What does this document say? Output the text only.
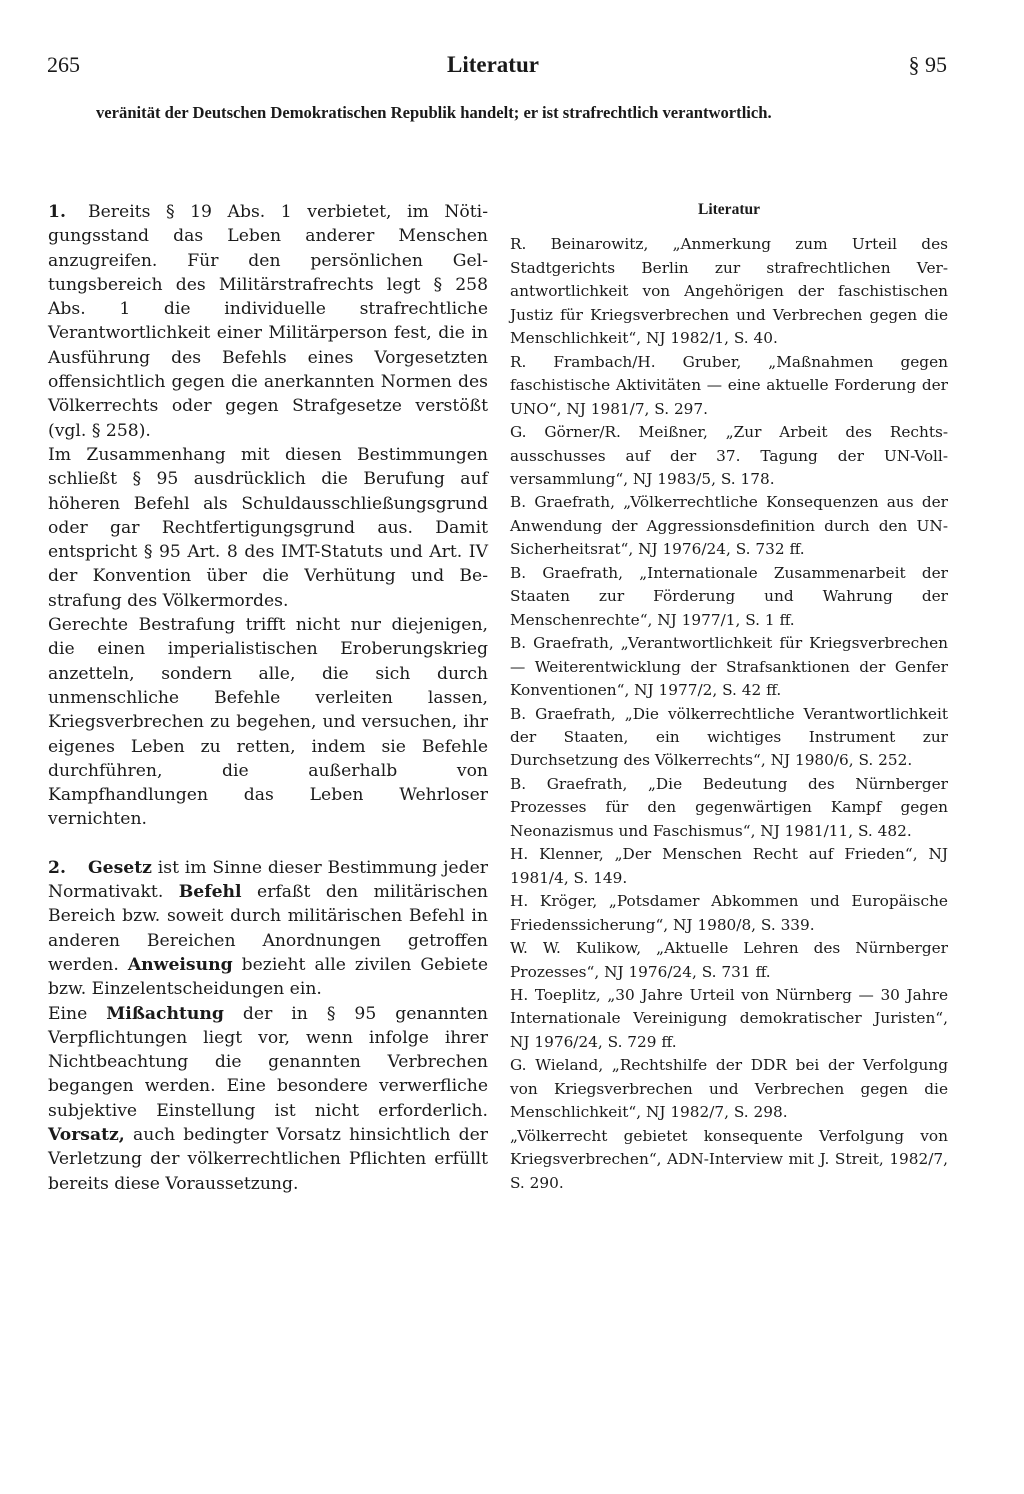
265	Literatur	§ 95
veränität der Deutschen Demokratischen Republik handelt; er ist strafrechtlich verantwortlich.

1. Bereits § 19 Abs. 1 verbietet, im Nötigungsstand das Leben anderer Menschen anzugreifen. Für den persönlichen Geltungsbereich des Militärstrafrechts legt § 258 Abs. 1 die individuelle strafrechtliche Verantwortlichkeit einer Militärperson fest, die in Ausführung des Befehls eines Vorgesetzten offensichtlich gegen die anerkannten Normen des Völkerrechts oder gegen Strafgesetze verstößt (vgl. § 258).

Im Zusammenhang mit diesen Bestimmungen schließt § 95 ausdrücklich die Berufung auf höheren Befehl als Schuldausschließungsgrund oder gar Rechtfertigungsgrund aus. Damit entspricht § 95 Art. 8 des IMT-Statuts und Art. IV der Konvention über die Verhütung und Bestrafung des Völkermordes.

Gerechte Bestrafung trifft nicht nur diejenigen, die einen imperialistischen Eroberungskrieg anzetteln, sondern alle, die sich durch unmenschliche Befehle verleiten lassen, Kriegsverbrechen zu begehen, und versuchen, ihr eigenes Leben zu retten, indem sie Befehle durchführen, die außerhalb von Kampfhandlungen das Leben Wehrloser vernichten.

2. Gesetz ist im Sinne dieser Bestimmung jeder Normativakt. Befehl erfaßt den militärischen Bereich bzw. soweit durch militärischen Befehl in anderen Bereichen Anordnungen getroffen werden. Anweisung bezieht alle zivilen Gebiete bzw. Einzelentscheidungen ein.

Eine Mißachtung der in § 95 genannten Verpflichtungen liegt vor, wenn infolge ihrer Nichtbeachtung die genannten Verbrechen begangen werden. Eine besondere verwerfliche subjektive Einstellung ist nicht erforderlich. Vorsatz, auch bedingter Vorsatz hinsichtlich der Verletzung der völkerrechtlichen Pflichten erfüllt bereits diese Voraussetzung.

Literatur

R. Beinarowitz, „Anmerkung zum Urteil des Stadtgerichts Berlin zur strafrechtlichen Verantwortlichkeit von Angehörigen der faschistischen Justiz für Kriegsverbrechen und Verbrechen gegen die Menschlichkeit“, NJ 1982/1, S. 40.

R. Frambach/H. Gruber, „Maßnahmen gegen faschistische Aktivitäten — eine aktuelle Forderung der UNO“, NJ 1981/7, S. 297.

G. Görner/R. Meißner, „Zur Arbeit des Rechtsausschusses auf der 37. Tagung der UN-Vollversammlung“, NJ 1983/5, S. 178.

B. Graefrath, „Völkerrechtliche Konsequenzen aus der Anwendung der Aggressionsdefinition durch den UN-Sicherheitsrat“, NJ 1976/24, S. 732 ff.

B. Graefrath, „Internationale Zusammenarbeit der Staaten zur Förderung und Wahrung der Menschenrechte“, NJ 1977/1, S. 1 ff.

B. Graefrath, „Verantwortlichkeit für Kriegsverbrechen — Weiterentwicklung der Strafsanktionen der Genfer Konventionen“, NJ 1977/2, S. 42 ff.

B. Graefrath, „Die völkerrechtliche Verantwortlichkeit der Staaten, ein wichtiges Instrument zur Durchsetzung des Völkerrechts“, NJ 1980/6, S. 252.

B. Graefrath, „Die Bedeutung des Nürnberger Prozesses für den gegenwärtigen Kampf gegen Neonazismus und Faschismus“, NJ 1981/11, S. 482.

H. Klenner, „Der Menschen Recht auf Frieden“, NJ 1981/4, S. 149.

H. Kröger, „Potsdamer Abkommen und Europäische Friedenssicherung“, NJ 1980/8, S. 339.

W. W. Kulikow, „Aktuelle Lehren des Nürnberger Prozesses“, NJ 1976/24, S. 731 ff.

H. Toeplitz, „30 Jahre Urteil von Nürnberg — 30 Jahre Internationale Vereinigung demokratischer Juristen“, NJ 1976/24, S. 729 ff.

G. Wieland, „Rechtshilfe der DDR bei der Verfolgung von Kriegsverbrechen und Verbrechen gegen die Menschlichkeit“, NJ 1982/7, S. 298.

„Völkerrecht gebietet konsequente Verfolgung von Kriegsverbrechen“, ADN-Interview mit J. Streit, 1982/7, S. 290.
